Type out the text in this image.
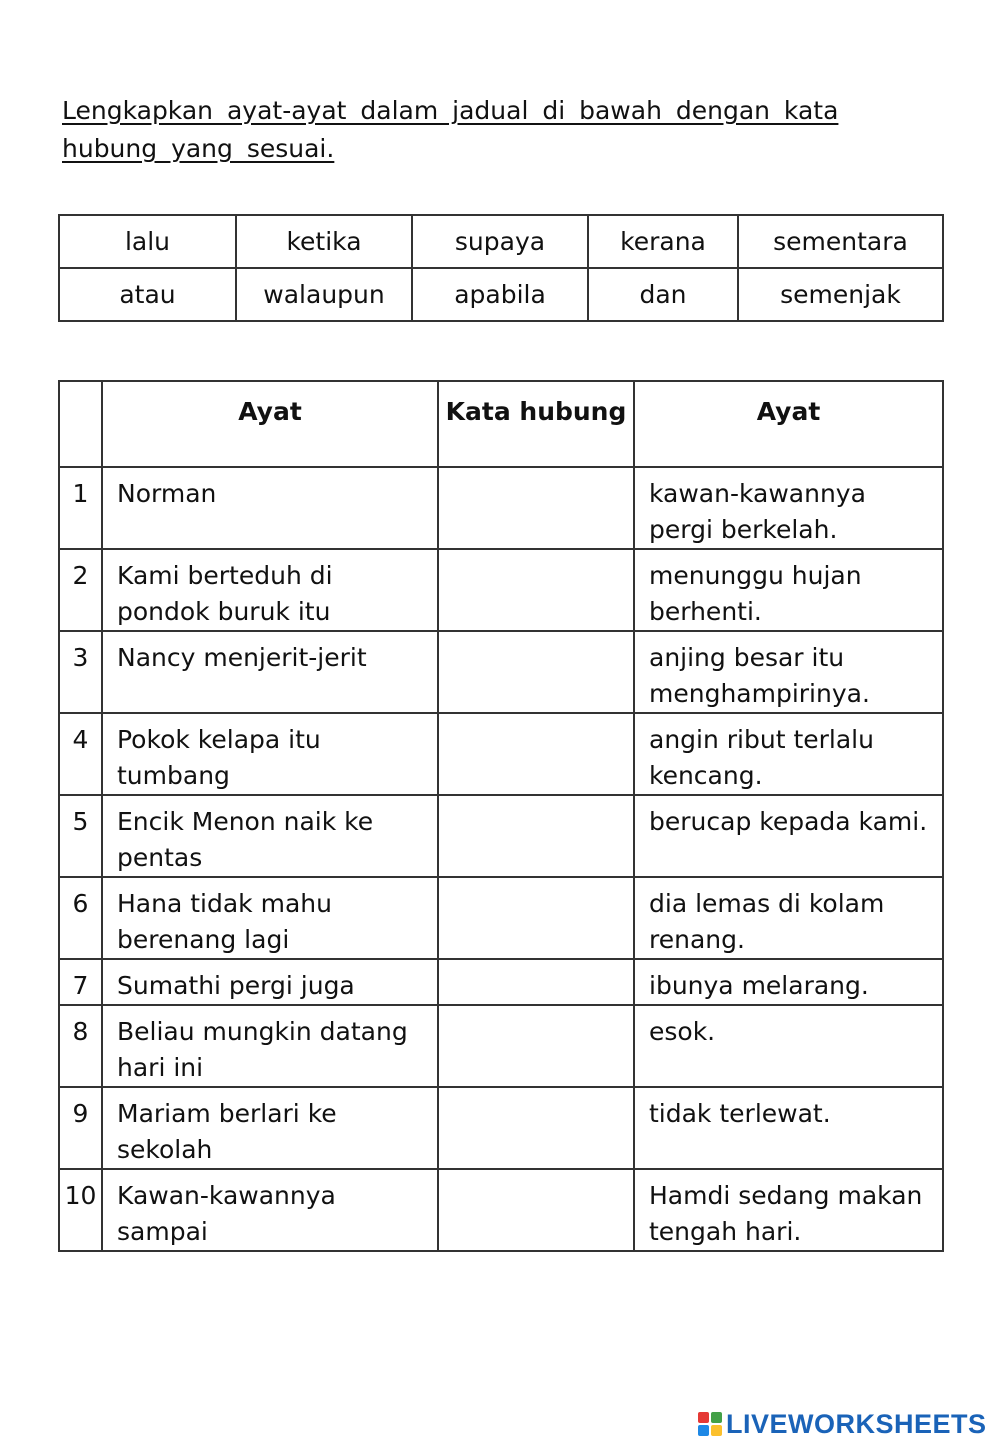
Lengkapkan ayat-ayat dalam jadual di bawah dengan kata hubung yang sesuai.

lalu	ketika	supaya	kerana	sementara
atau	walaupun	apabila	dan	semenjak
	Ayat	Kata hubung	Ayat
1	Norman		kawan-kawannya pergi berkelah.
2	Kami berteduh di pondok buruk itu		menunggu hujan berhenti.
3	Nancy menjerit-jerit		anjing besar itu menghampirinya.
4	Pokok kelapa itu tumbang		angin ribut terlalu kencang.
5	Encik Menon naik ke pentas		berucap kepada kami.
6	Hana tidak mahu berenang lagi		dia lemas di kolam renang.
7	Sumathi pergi juga		ibunya melarang.
8	Beliau mungkin datang hari ini		esok.
9	Mariam berlari ke sekolah		tidak terlewat.
10	Kawan-kawannya sampai		Hamdi sedang makan tengah hari.
LIVEWORKSHEETS
